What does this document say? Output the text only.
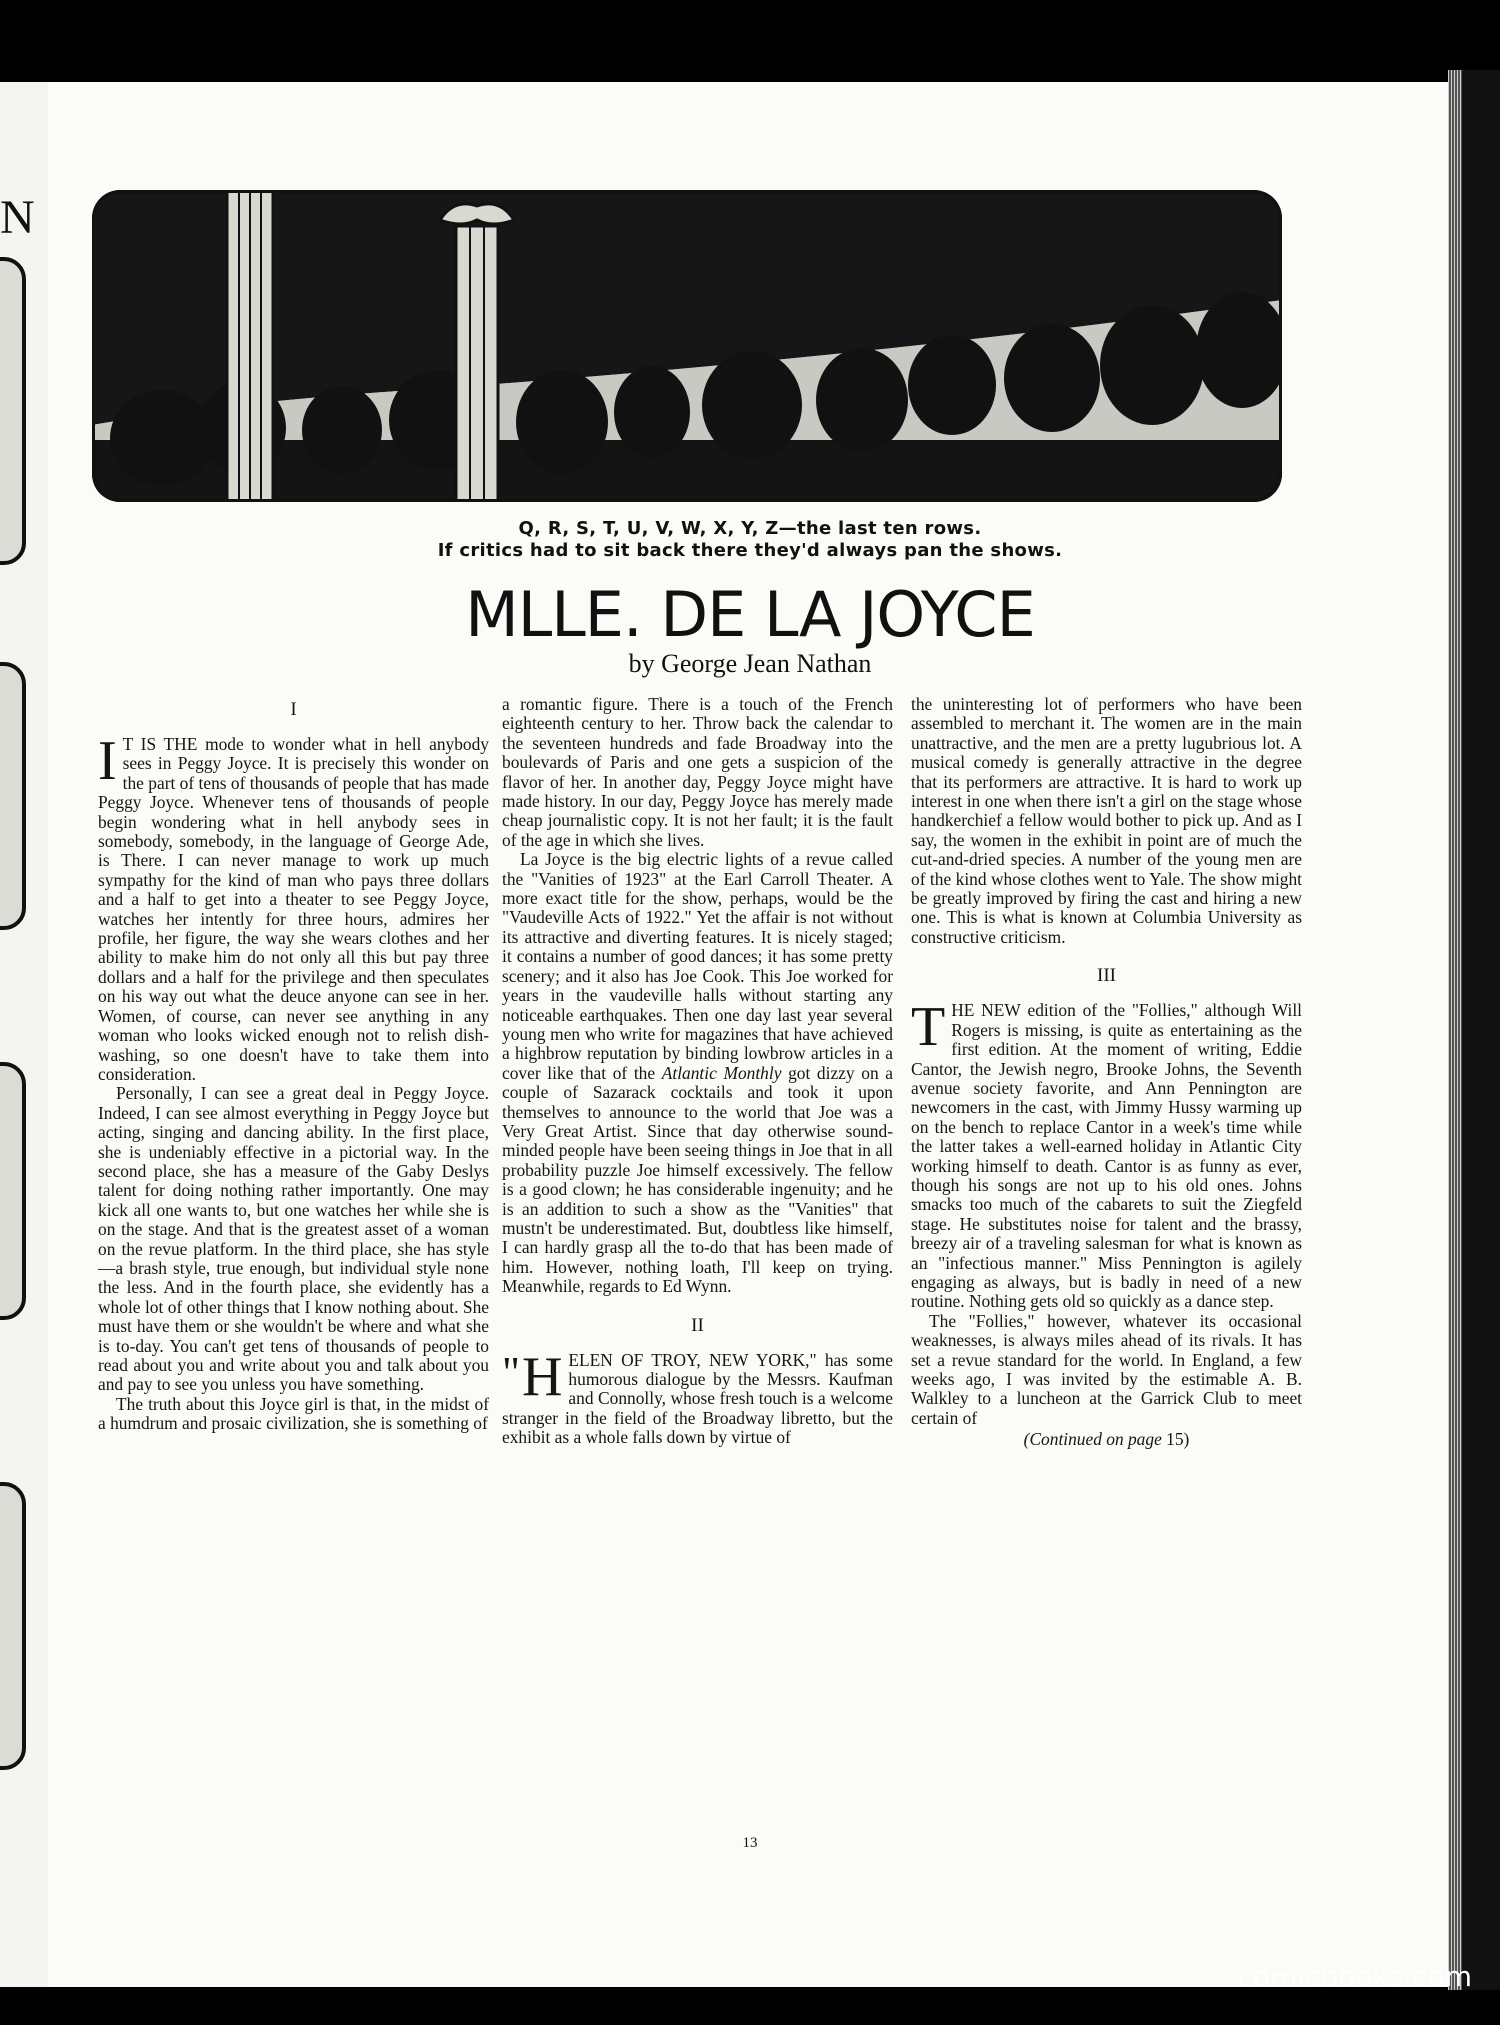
N
Q, R, S, T, U, V, W, X, Y, Z—the last ten rows.
If critics had to sit back there they'd always pan the shows.
MLLE. DE LA JOYCE
by George Jean Nathan
I

I T IS THE mode to wonder what in hell anybody sees in Peggy Joyce. It is precisely this wonder on the part of tens of thousands of people that has made Peggy Joyce. Whenever tens of thousands of people begin wondering what in hell anybody sees in somebody, somebody, in the language of George Ade, is There. I can never manage to work up much sympathy for the kind of man who pays three dollars and a half to get into a theater to see Peggy Joyce, watches her intently for three hours, admires her profile, her figure, the way she wears clothes and her ability to make him do not only all this but pay three dollars and a half for the privilege and then speculates on his way out what the deuce anyone can see in her. Women, of course, can never see anything in any woman who looks wicked enough not to relish dish-washing, so one doesn't have to take them into consideration.

Personally, I can see a great deal in Peggy Joyce. Indeed, I can see almost everything in Peggy Joyce but acting, singing and dancing ability. In the first place, she is undeniably effective in a pictorial way. In the second place, she has a measure of the Gaby Deslys talent for doing nothing rather importantly. One may kick all one wants to, but one watches her while she is on the stage. And that is the greatest asset of a woman on the revue platform. In the third place, she has style—a brash style, true enough, but individual style none the less. And in the fourth place, she evidently has a whole lot of other things that I know nothing about. She must have them or she wouldn't be where and what she is to-day. You can't get tens of thousands of people to read about you and write about you and talk about you and pay to see you unless you have something.

The truth about this Joyce girl is that, in the midst of a humdrum and prosaic civilization, she is something of

a romantic figure. There is a touch of the French eighteenth century to her. Throw back the calendar to the seventeen hundreds and fade Broadway into the boulevards of Paris and one gets a suspicion of the flavor of her. In another day, Peggy Joyce might have made history. In our day, Peggy Joyce has merely made cheap journalistic copy. It is not her fault; it is the fault of the age in which she lives.

La Joyce is the big electric lights of a revue called the "Vanities of 1923" at the Earl Carroll Theater. A more exact title for the show, perhaps, would be the "Vaudeville Acts of 1922." Yet the affair is not without its attractive and diverting features. It is nicely staged; it contains a number of good dances; it has some pretty scenery; and it also has Joe Cook. This Joe worked for years in the vaudeville halls without starting any noticeable earthquakes. Then one day last year several young men who write for magazines that have achieved a highbrow reputation by binding lowbrow articles in a cover like that of the Atlantic Monthly got dizzy on a couple of Sazarack cocktails and took it upon themselves to announce to the world that Joe was a Very Great Artist. Since that day otherwise sound-minded people have been seeing things in Joe that in all probability puzzle Joe himself excessively. The fellow is a good clown; he has considerable ingenuity; and he is an addition to such a show as the "Vanities" that mustn't be underestimated. But, doubtless like himself, I can hardly grasp all the to-do that has been made of him. However, nothing loath, I'll keep on trying. Meanwhile, regards to Ed Wynn.

II

" H ELEN OF TROY, NEW YORK," has some humorous dialogue by the Messrs. Kaufman and Connolly, whose fresh touch is a welcome stranger in the field of the Broadway libretto, but the exhibit as a whole falls down by virtue of

the uninteresting lot of performers who have been assembled to merchant it. The women are in the main unattractive, and the men are a pretty lugubrious lot. A musical comedy is generally attractive in the degree that its performers are attractive. It is hard to work up interest in one when there isn't a girl on the stage whose handkerchief a fellow would bother to pick up. And as I say, the women in the exhibit in point are of much the cut-and-dried species. A number of the young men are of the kind whose clothes went to Yale. The show might be greatly improved by firing the cast and hiring a new one. This is what is known at Columbia University as constructive criticism.

III

THE NEW edition of the "Follies," although Will Rogers is missing, is quite as entertaining as the first edition. At the moment of writing, Eddie Cantor, the Jewish negro, Brooke Johns, the Seventh avenue society favorite, and Ann Pennington are newcomers in the cast, with Jimmy Hussy warming up on the bench to replace Cantor in a week's time while the latter takes a well-earned holiday in Atlantic City working himself to death. Cantor is as funny as ever, though his songs are not up to his old ones. Johns smacks too much of the cabarets to suit the Ziegfeld stage. He substitutes noise for talent and the brassy, breezy air of a traveling salesman for what is known as an "infectious manner." Miss Pennington is agilely engaging as always, but is badly in need of a new routine. Nothing gets old so quickly as a dance step.

The "Follies," however, whatever its occasional weaknesses, is always miles ahead of its rivals. It has set a revue standard for the world. In England, a few weeks ago, I was invited by the estimable A. B. Walkley to a luncheon at the Garrick Club to meet certain of

(Continued on page 15)
13
comicbooks.com
